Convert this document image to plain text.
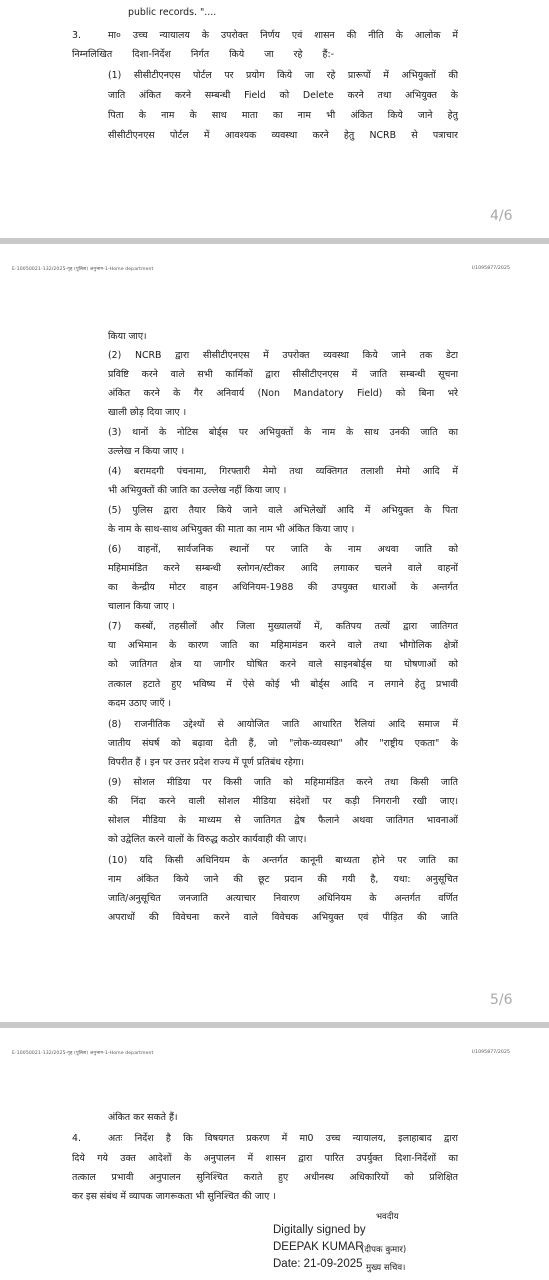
public records. "....
3.	मा० उच्च न्यायालय के उपरोक्त निर्णय एवं शासन की नीति के आलोक में
निम्नलिखित दिशा-निर्देश निर्गत किये जा रहे हैं:-
(1) सीसीटीएनएस पोर्टल पर प्रयोग किये जा रहे प्रारूपों में अभियुक्तों की
जाति अंकित करने सम्बन्धी Field को Delete करने तथा अभियुक्त के
पिता के नाम के साथ माता का नाम भी अंकित किये जाने हेतु
सीसीटीएनएस पोर्टल में आवश्यक व्यवस्था करने हेतु NCRB से पत्राचार
4/6
E-10050021-132/2025-गृह (पुलिस) अनुभाग-1-Home department	I/1095877/2025
किया जाए।
(2) NCRB द्वारा सीसीटीएनएस में उपरोक्त व्यवस्था किये जाने तक डेटा
प्रविष्टि करने वाले सभी कार्मिकों द्वारा सीसीटीएनएस में जाति सम्बन्धी सूचना
अंकित करने के गैर अनिवार्य (Non Mandatory Field) को बिना भरे
खाली छोड़ दिया जाए ।
(3) थानों के नोटिस बोर्ड्स पर अभियुक्तों के नाम के साथ उनकी जाति का
उल्लेख न किया जाए ।
(4) बरामदगी पंचनामा, गिरफ्तारी मेमो तथा व्यक्तिगत तलाशी मेमो आदि में
भी अभियुक्तों की जाति का उल्लेख नहीं किया जाए ।
(5) पुलिस द्वारा तैयार किये जाने वाले अभिलेखों आदि में अभियुक्त के पिता
के नाम के साथ-साथ अभियुक्त की माता का नाम भी अंकित किया जाए ।
(6) वाहनों, सार्वजनिक स्थानों पर जाति के नाम अथवा जाति को
महिमामंडित करने सम्बन्धी स्लोगन/स्टीकर आदि लगाकर चलने वाले वाहनों
का केन्द्रीय मोटर वाहन अधिनियम-1988 की उपयुक्त धाराओं के अन्तर्गत
चालान किया जाए ।
(7) कस्बों, तहसीलों और जिला मुख्यालयों में, कतिपय तत्वों द्वारा जातिगत
या अभिमान के कारण जाति का महिमामंडन करने वाले तथा भौगोलिक क्षेत्रों
को जातिगत क्षेत्र या जागीर घोषित करने वाले साइनबोर्ड्स या घोषणाओं को
तत्काल हटाते हुए भविष्य में ऐसे कोई भी बोर्ड्स आदि न लगाने हेतु प्रभावी
कदम उठाए जाएँ ।
(8) राजनीतिक उद्देश्यों से आयोजित जाति आधारित रैलियां आदि समाज में
जातीय संघर्ष को बढ़ावा देती हैं, जो "लोक-व्यवस्था" और "राष्ट्रीय एकता" के
विपरीत हैं । इन पर उत्तर प्रदेश राज्य में पूर्ण प्रतिबंध रहेगा।
(9) सोशल मीडिया पर किसी जाति को महिमामंडित करने तथा किसी जाति
की निंदा करने वाली सोशल मीडिया संदेशों पर कड़ी निगरानी रखी जाए।
सोशल मीडिया के माध्यम से जातिगत द्वेष फैलाने अथवा जातिगत भावनाओं
को उद्वेलित करने वालों के विरुद्ध कठोर कार्यवाही की जाए।
(10) यदि किसी अधिनियम के अन्तर्गत कानूनी बाध्यता होने पर जाति का
नाम अंकित किये जाने की छूट प्रदान की गयी है, यथा: अनुसूचित
जाति/अनुसूचित जनजाति अत्याचार निवारण अधिनियम के अन्तर्गत वर्णित
अपराधों की विवेचना करने वाले विवेचक अभियुक्त एवं पीड़ित की जाति
5/6
E-10050021-132/2025-गृह (पुलिस) अनुभाग-1-Home department	I/1095877/2025
अंकित कर सकते हैं।
4.	अतः निर्देश है कि विषयगत प्रकरण में मा0 उच्च न्यायालय, इलाहाबाद द्वारा
दिये गये उक्त आदेशों के अनुपालन में शासन द्वारा पारित उपर्युक्त दिशा-निर्देशों का
तत्काल प्रभावी अनुपालन सुनिश्चित कराते हुए अधीनस्थ अधिकारियों को प्रशिक्षित
कर इस संबंध में व्यापक जागरूकता भी सुनिश्चित की जाए ।
भवदीय
Digitally signed by
DEEPAK KUMAR
Date: 21-09-2025
(दीपक कुमार)
मुख्य सचिव।
